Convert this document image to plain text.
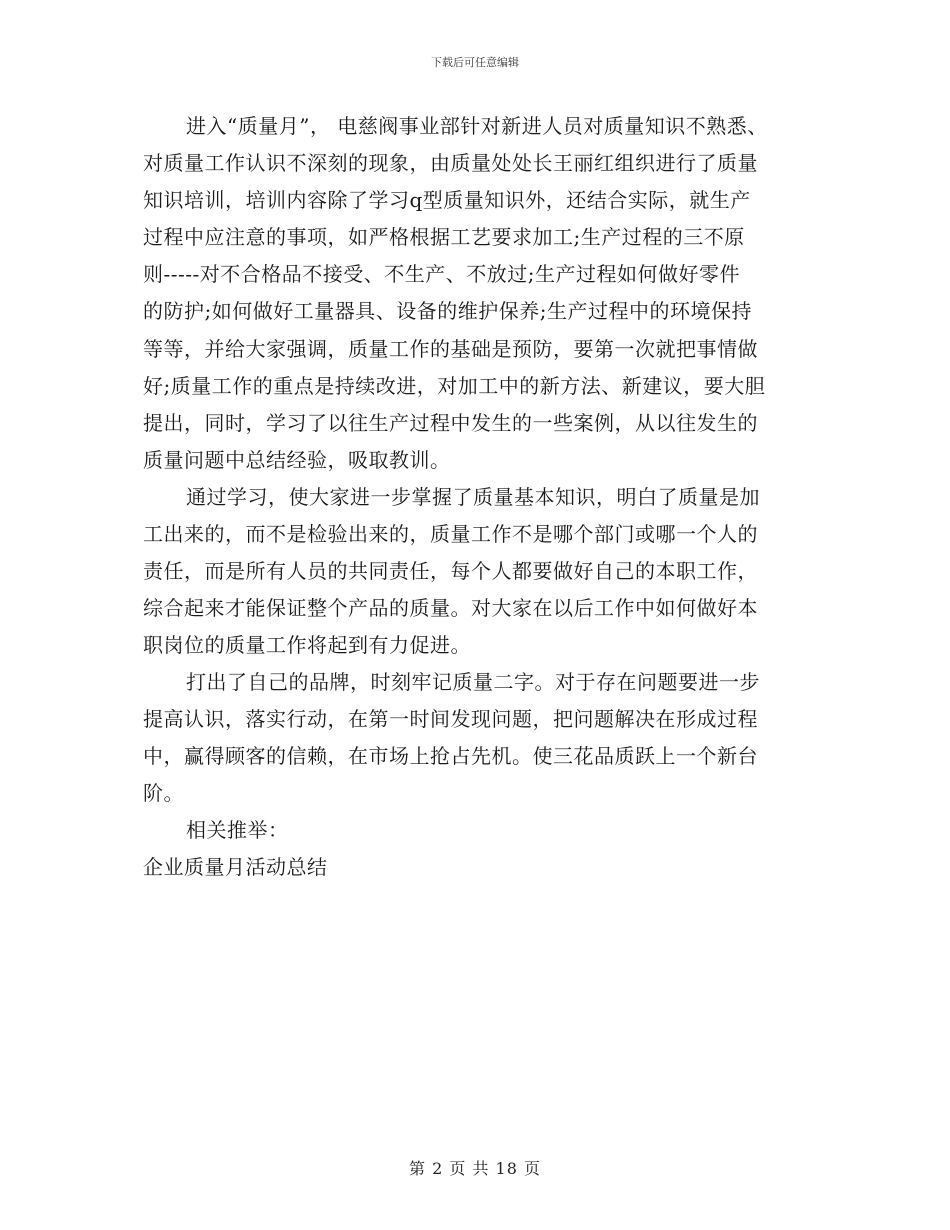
下载后可任意编辑
进入“质量月”， 电慈阀事业部针对新进人员对质量知识不熟悉、
对质量工作认识不深刻的现象，由质量处处长王丽红组织进行了质量
知识培训，培训内容除了学习q型质量知识外，还结合实际，就生产
过程中应注意的事项，如严格根据工艺要求加工;生产过程的三不原
则-----对不合格品不接受、不生产、不放过;生产过程如何做好零件
的防护;如何做好工量器具、设备的维护保养;生产过程中的环境保持
等等，并给大家强调，质量工作的基础是预防，要第一次就把事情做
好;质量工作的重点是持续改进，对加工中的新方法、新建议，要大胆
提出，同时，学习了以往生产过程中发生的一些案例，从以往发生的
质量问题中总结经验，吸取教训。
通过学习，使大家进一步掌握了质量基本知识，明白了质量是加
工出来的，而不是检验出来的，质量工作不是哪个部门或哪一个人的
责任，而是所有人员的共同责任，每个人都要做好自己的本职工作，
综合起来才能保证整个产品的质量。对大家在以后工作中如何做好本
职岗位的质量工作将起到有力促进。
打出了自己的品牌，时刻牢记质量二字。对于存在问题要进一步
提高认识，落实行动，在第一时间发现问题，把问题解决在形成过程
中，赢得顾客的信赖，在市场上抢占先机。使三花品质跃上一个新台
阶。
相关推举：
企业质量月活动总结
第 2 页 共 18 页
